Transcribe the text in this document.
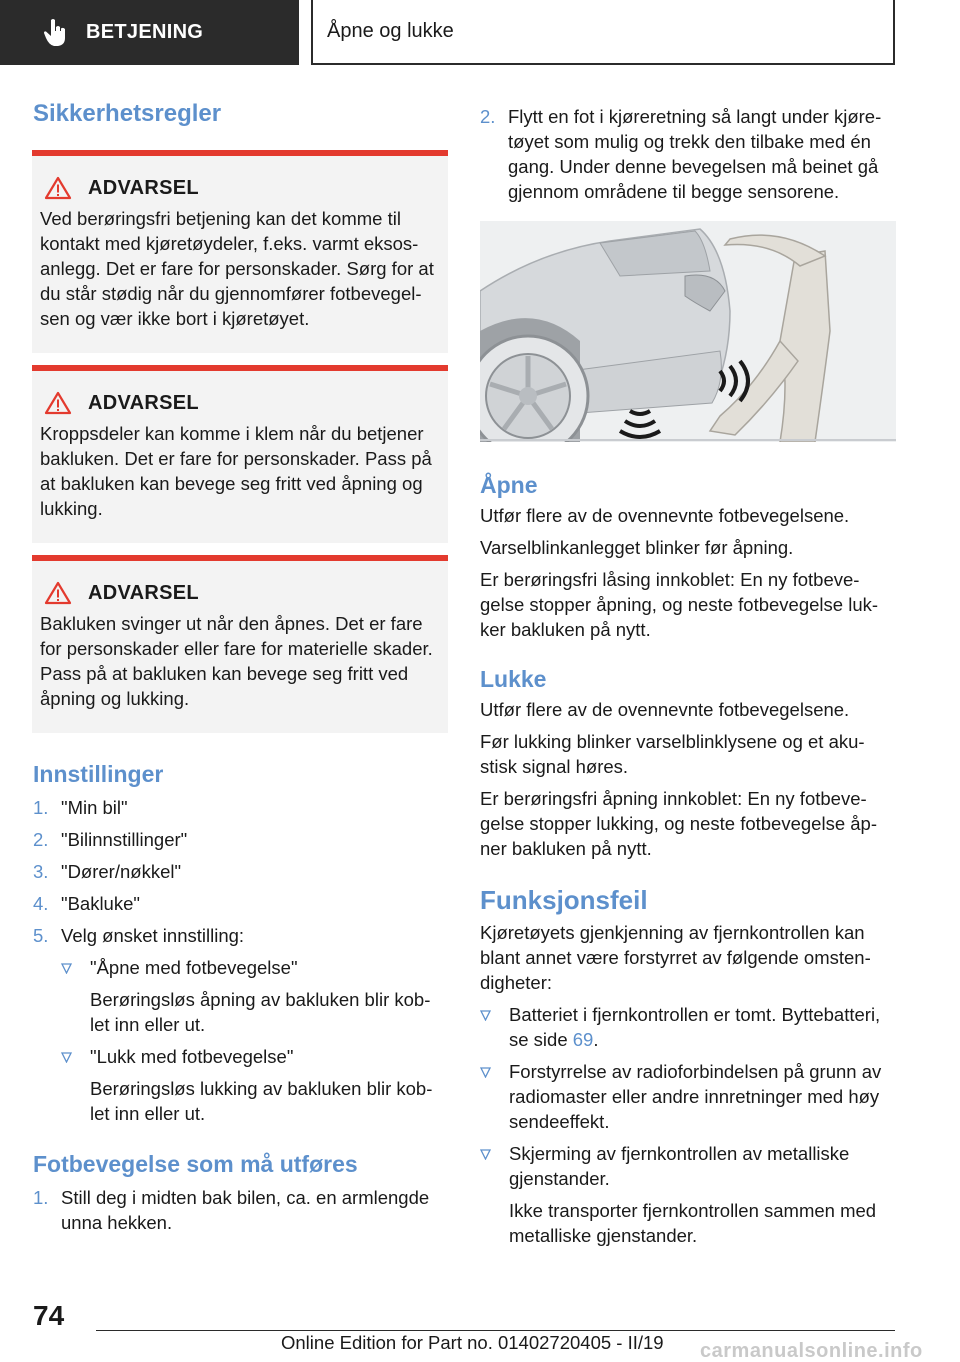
BETJENING	Åpne og lukke
Sikkerhetsregler
ADVARSEL
Ved berøringsfri betjening kan det komme til kontakt med kjøretøydeler, f.eks. varmt eksos-anlegg. Det er fare for personskader. Sørg for at du står stødig når du gjennomfører fotbevegel-sen og vær ikke bort i kjøretøyet.
ADVARSEL
Kroppsdeler kan komme i klem når du betjener bakluken. Det er fare for personskader. Pass på at bakluken kan bevege seg fritt ved åpning og lukking.
ADVARSEL
Bakluken svinger ut når den åpnes. Det er fare for personskader eller fare for materielle skader. Pass på at bakluken kan bevege seg fritt ved åpning og lukking.
Innstillinger
1. "Min bil"
2. "Bilinnstillinger"
3. "Dører/nøkkel"
4. "Bakluke"
5. Velg ønsket innstilling:
"Åpne med fotbevegelse"
Berøringsløs åpning av bakluken blir kob-let inn eller ut.
"Lukk med fotbevegelse"
Berøringsløs lukking av bakluken blir kob-let inn eller ut.
Fotbevegelse som må utføres
1. Still deg i midten bak bilen, ca. en armlengde unna hekken.
2. Flytt en fot i kjøreretning så langt under kjøre-tøyet som mulig og trekk den tilbake med én gang. Under denne bevegelsen må beinet gå gjennom områdene til begge sensorene.
Åpne

Utfør flere av de ovennevnte fotbevegelsene.

Varselblinkanlegget blinker før åpning.

Er berøringsfri låsing innkoblet: En ny fotbeve-gelse stopper åpning, og neste fotbevegelse luk-ker bakluken på nytt.

Lukke

Utfør flere av de ovennevnte fotbevegelsene.

Før lukking blinker varselblinklysene og et aku-stisk signal høres.

Er berøringsfri åpning innkoblet: En ny fotbeve-gelse stopper lukking, og neste fotbevegelse åp-ner bakluken på nytt.

Funksjonsfeil

Kjøretøyets gjenkjenning av fjernkontrollen kan blant annet være forstyrret av følgende omsten-digheter:

Batteriet i fjernkontrollen er tomt. Byttebatteri, se side 69.
Forstyrrelse av radioforbindelsen på grunn av radiomaster eller andre innretninger med høy sendeeffekt.
Skjerming av fjernkontrollen av metalliske gjenstander.
Ikke transporter fjernkontrollen sammen med metalliske gjenstander.
74
Online Edition for Part no. 01402720405 - II/19 carmanualsonline.info
